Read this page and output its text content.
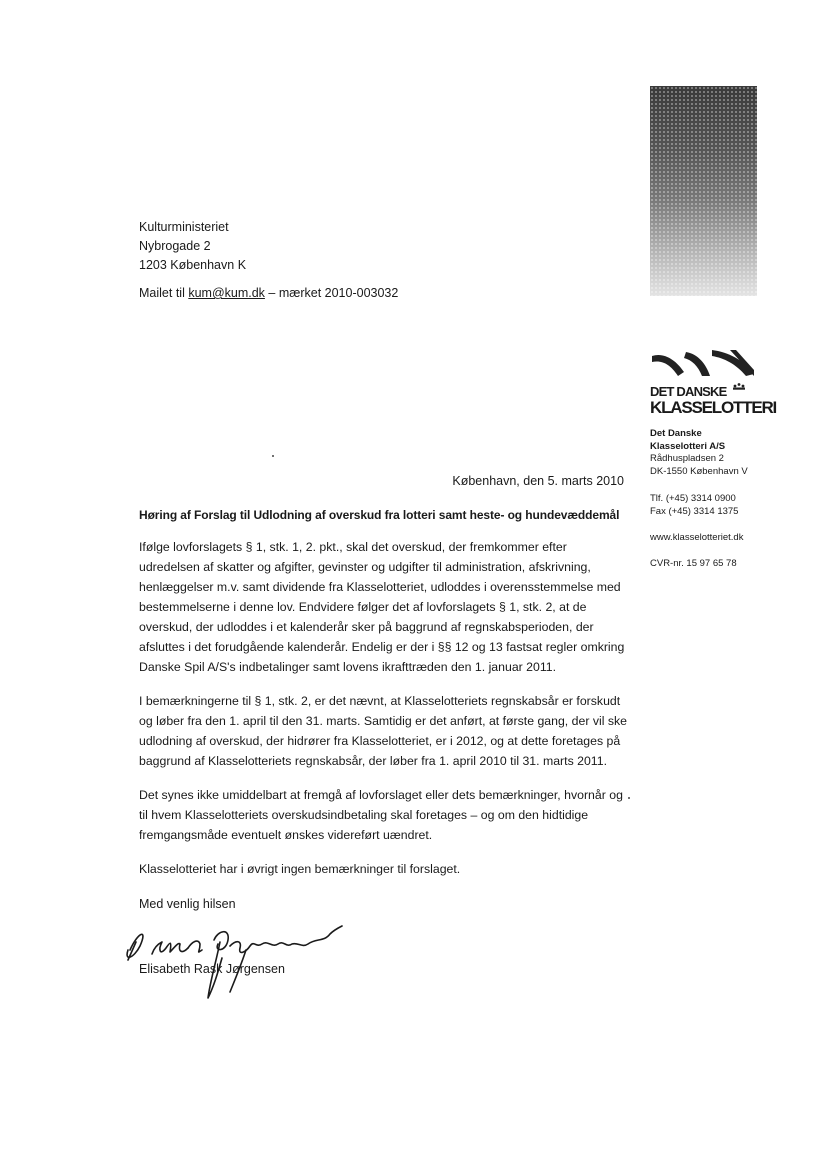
Kulturministeriet
Nybrogade 2
1203 København K
Mailet til kum@kum.dk – mærket 2010-003032
København, den 5. marts 2010
Høring af Forslag til Udlodning af overskud fra lotteri samt heste- og hundevæddemål

Ifølge lovforslagets § 1, stk. 1, 2. pkt., skal det overskud, der fremkommer efter udredelsen af skatter og afgifter, gevinster og udgifter til administration, afskrivning, henlæggelser m.v. samt dividende fra Klasselotteriet, udloddes i overensstemmelse med bestemmelserne i denne lov. Endvidere følger det af lovforslagets § 1, stk. 2, at de overskud, der udloddes i et kalenderår sker på baggrund af regnskabsperioden, der afsluttes i det forudgående kalenderår. Endelig er der i §§ 12 og 13 fastsat regler omkring Danske Spil A/S's indbetalinger samt lovens ikrafttræden den 1. januar 2011.

I bemærkningerne til § 1, stk. 2, er det nævnt, at Klasselotteriets regnskabsår er forskudt og løber fra den 1. april til den 31. marts. Samtidig er det anført, at første gang, der vil ske udlodning af overskud, der hidrører fra Klasselotteriet, er i 2012, og at dette foretages på baggrund af Klasselotteriets regnskabsår, der løber fra 1. april 2010 til 31. marts 2011.

Det synes ikke umiddelbart at fremgå af lovforslaget eller dets bemærkninger, hvornår og til hvem Klasselotteriets overskudsindbetaling skal foretages – og om den hidtidige fremgangsmåde eventuelt ønskes videreført uændret.

Klasselotteriet har i øvrigt ingen bemærkninger til forslaget.

Med venlig hilsen
Elisabeth Rask Jørgensen
DET DANSKE
KLASSELOTTERI
Det Danske
Klasselotteri A/S
Rådhuspladsen 2
DK-1550 København V
Tlf. (+45) 3314 0900
Fax (+45) 3314 1375
www.klasselotteriet.dk
CVR-nr. 15 97 65 78
